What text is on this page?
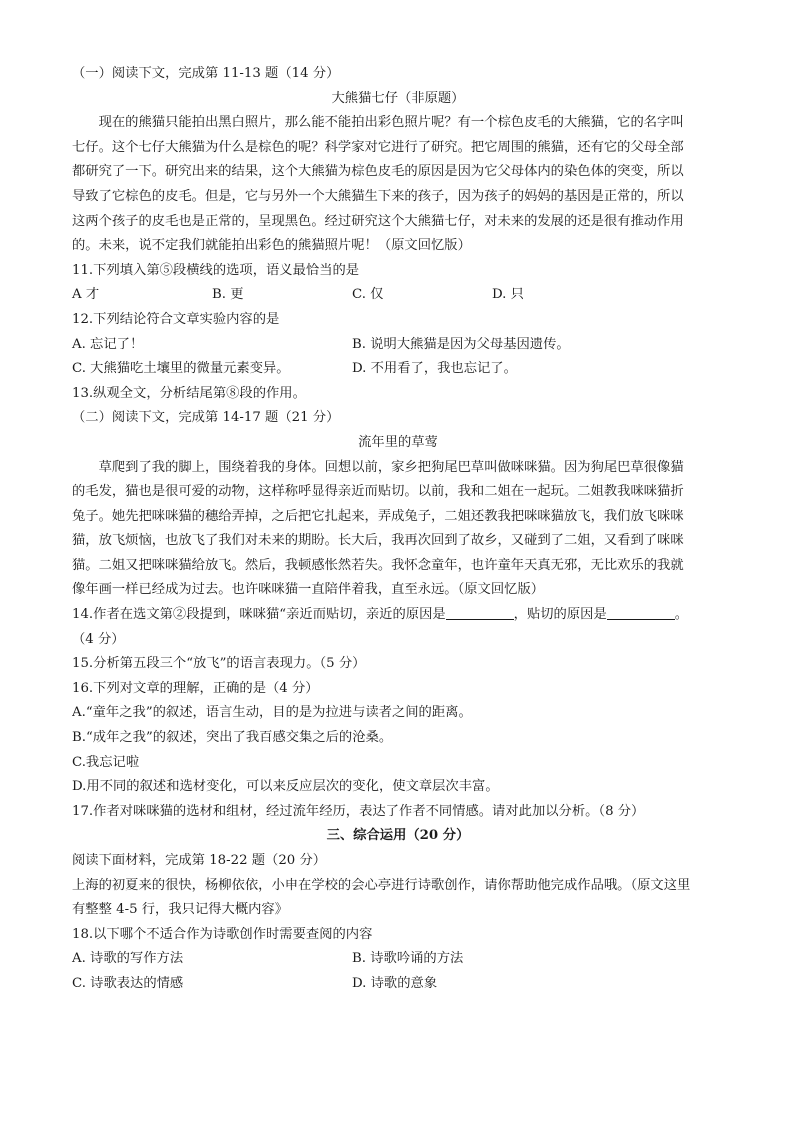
（一）阅读下文，完成第 11-13 题（14 分）
大熊猫七仔（非原题）
现在的熊猫只能拍出黑白照片，那么能不能拍出彩色照片呢？有一个棕色皮毛的大熊猫，它的名字叫
七仔。这个七仔大熊猫为什么是棕色的呢？科学家对它进行了研究。把它周围的熊猫，还有它的父母全部
都研究了一下。研究出来的结果，这个大熊猫为棕色皮毛的原因是因为它父母体内的染色体的突变，所以
导致了它棕色的皮毛。但是，它与另外一个大熊猫生下来的孩子，因为孩子的妈妈的基因是正常的，所以
这两个孩子的皮毛也是正常的，呈现黑色。经过研究这个大熊猫七仔，对未来的发展的还是很有推动作用
的。未来，说不定我们就能拍出彩色的熊猫照片呢！（原文回忆版）
11.下列填入第⑤段横线的选项，语义最恰当的是
A 才	B. 更	C. 仅	D. 只
12.下列结论符合文章实验内容的是
A. 忘记了！	B. 说明大熊猫是因为父母基因遗传。
C. 大熊猫吃土壤里的微量元素变异。	D. 不用看了，我也忘记了。
13.纵观全文，分析结尾第⑧段的作用。
（二）阅读下文，完成第 14-17 题（21 分）
流年里的草莺
草爬到了我的脚上，围绕着我的身体。回想以前，家乡把狗尾巴草叫做咪咪猫。因为狗尾巴草很像猫
的毛发，猫也是很可爱的动物，这样称呼显得亲近而贴切。以前，我和二姐在一起玩。二姐教我咪咪猫折
兔子。她先把咪咪猫的穗给弄掉，之后把它扎起来，弄成兔子，二姐还教我把咪咪猫放飞，我们放飞咪咪
猫，放飞烦恼，也放飞了我们对未来的期盼。长大后，我再次回到了故乡，又碰到了二姐，又看到了咪咪
猫。二姐又把咪咪猫给放飞。然后，我顿感怅然若失。我怀念童年，也许童年天真无邪，无比欢乐的我就
像年画一样已经成为过去。也许咪咪猫一直陪伴着我，直至永远。（原文回忆版）
14.作者在选文第②段提到，咪咪猫“亲近而贴切，亲近的原因是	，贴切的原因是	。
（4 分）
15.分析第五段三个“放飞”的语言表现力。（5 分）
16.下列对文章的理解，正确的是（4 分）
A.“童年之我”的叙述，语言生动，目的是为拉进与读者之间的距离。
B.“成年之我”的叙述，突出了我百感交集之后的沧桑。
C.我忘记啦
D.用不同的叙述和选材变化，可以来反应层次的变化，使文章层次丰富。
17.作者对咪咪猫的选材和组材，经过流年经历，表达了作者不同情感。请对此加以分析。（8 分）
三、综合运用（20 分）
阅读下面材料，完成第 18-22 题（20 分）
上海的初夏来的很快，杨柳依依，小申在学校的会心亭进行诗歌创作，请你帮助他完成作品哦。（原文这里
有整整 4-5 行，我只记得大概内容》
18.以下哪个不适合作为诗歌创作时需要查阅的内容
A. 诗歌的写作方法	B. 诗歌吟诵的方法
C. 诗歌表达的情感	D. 诗歌的意象
